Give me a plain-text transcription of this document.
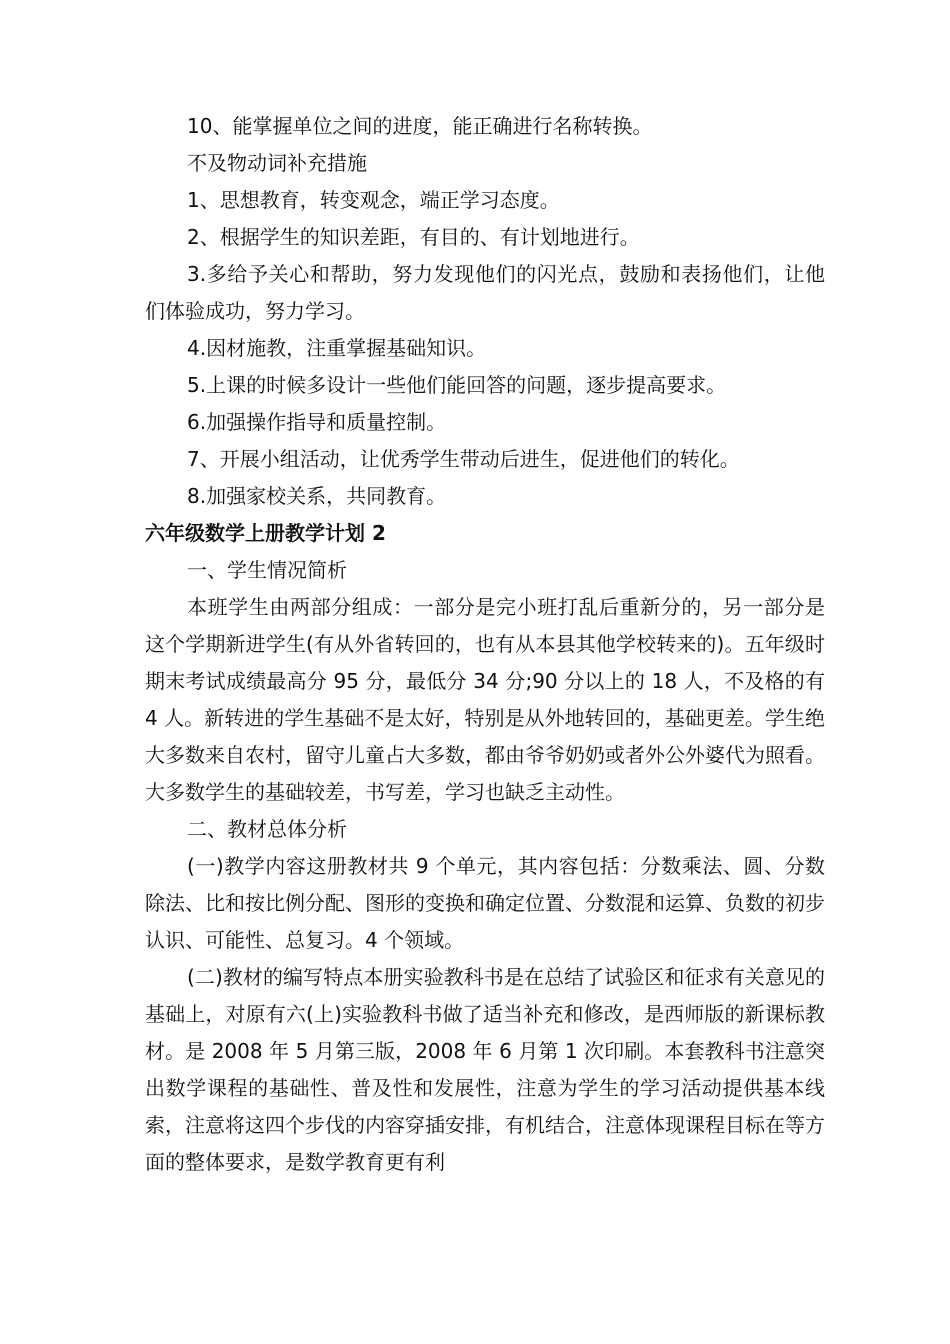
10、能掌握单位之间的进度，能正确进行名称转换。

不及物动词补充措施

1、思想教育，转变观念，端正学习态度。

2、根据学生的知识差距，有目的、有计划地进行。

3.多给予关心和帮助，努力发现他们的闪光点，鼓励和表扬他们，让他们体验成功，努力学习。

4.因材施教，注重掌握基础知识。

5.上课的时候多设计一些他们能回答的问题，逐步提高要求。

6.加强操作指导和质量控制。

7、开展小组活动，让优秀学生带动后进生，促进他们的转化。

8.加强家校关系，共同教育。

六年级数学上册教学计划 2

一、学生情况简析

本班学生由两部分组成：一部分是完小班打乱后重新分的，另一部分是这个学期新进学生(有从外省转回的，也有从本县其他学校转来的)。五年级时期末考试成绩最高分 95 分，最低分 34 分;90 分以上的 18 人，不及格的有 4 人。新转进的学生基础不是太好，特别是从外地转回的，基础更差。学生绝大多数来自农村，留守儿童占大多数，都由爷爷奶奶或者外公外婆代为照看。大多数学生的基础较差，书写差，学习也缺乏主动性。

二、教材总体分析

(一)教学内容这册教材共 9 个单元，其内容包括：分数乘法、圆、分数除法、比和按比例分配、图形的变换和确定位置、分数混和运算、负数的初步认识、可能性、总复习。4 个领域。

(二)教材的编写特点本册实验教科书是在总结了试验区和征求有关意见的基础上，对原有六(上)实验教科书做了适当补充和修改，是西师版的新课标教材。是 2008 年 5 月第三版，2008 年 6 月第 1 次印刷。本套教科书注意突出数学课程的基础性、普及性和发展性，注意为学生的学习活动提供基本线索，注意将这四个步伐的内容穿插安排，有机结合，注意体现课程目标在等方面的整体要求，是数学教育更有利
